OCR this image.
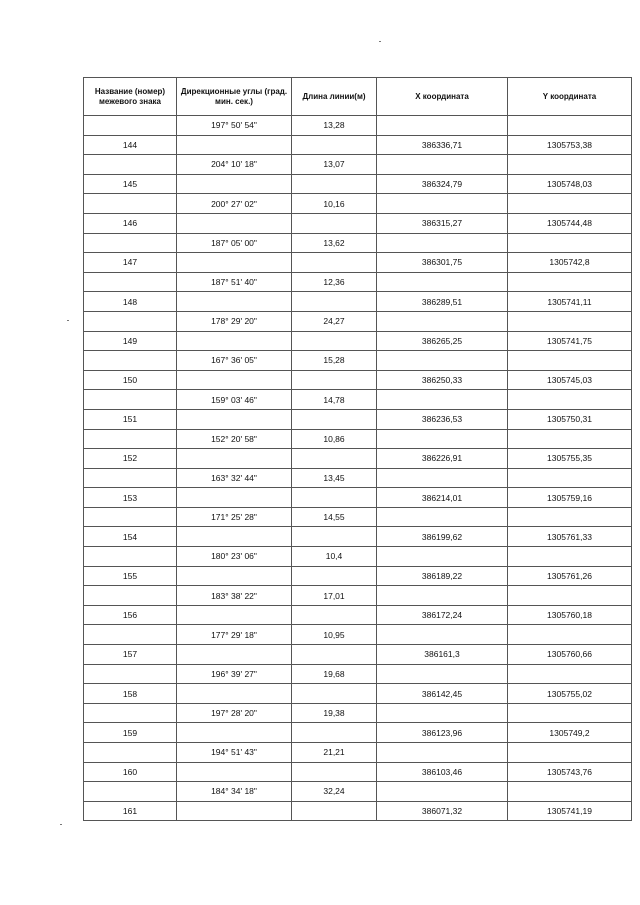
Название (номер) межевого знака	Дирекционные углы (град. мин. сек.)	Длина линии(м)	X координата	Y координата
	197° 50' 54"	13,28		
144			386336,71	1305753,38
	204° 10' 18"	13,07		
145			386324,79	1305748,03
	200° 27' 02"	10,16		
146			386315,27	1305744,48
	187° 05' 00"	13,62		
147			386301,75	1305742,8
	187° 51' 40"	12,36		
148			386289,51	1305741,11
	178° 29' 20"	24,27		
149			386265,25	1305741,75
	167° 36' 05"	15,28		
150			386250,33	1305745,03
	159° 03' 46"	14,78		
151			386236,53	1305750,31
	152° 20' 58"	10,86		
152			386226,91	1305755,35
	163° 32' 44"	13,45		
153			386214,01	1305759,16
	171° 25' 28"	14,55		
154			386199,62	1305761,33
	180° 23' 06"	10,4		
155			386189,22	1305761,26
	183° 38' 22"	17,01		
156			386172,24	1305760,18
	177° 29' 18"	10,95		
157			386161,3	1305760,66
	196° 39' 27"	19,68		
158			386142,45	1305755,02
	197° 28' 20"	19,38		
159			386123,96	1305749,2
	194° 51' 43"	21,21		
160			386103,46	1305743,76
	184° 34' 18"	32,24		
161			386071,32	1305741,19
